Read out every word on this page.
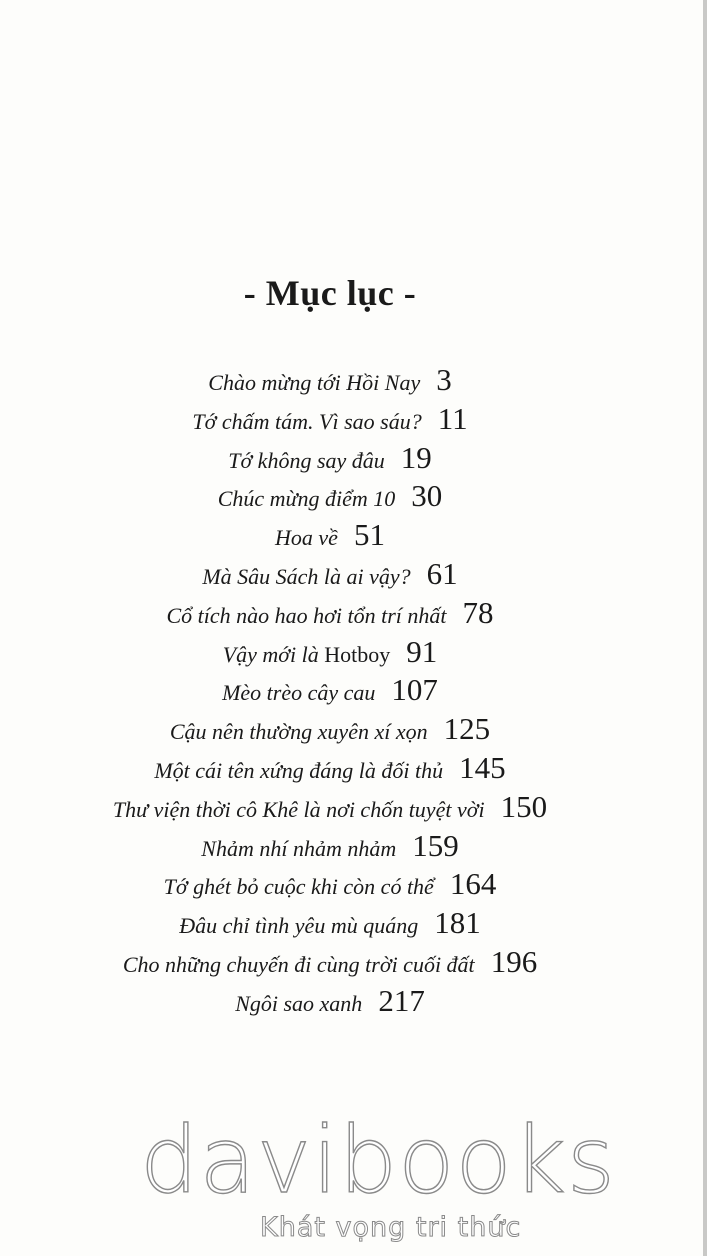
- Mục lục -
Chào mừng tới Hồi Nay 3
Tớ chấm tám. Vì sao sáu? 11
Tớ không say đâu 19
Chúc mừng điểm 10 30
Hoa về 51
Mà Sâu Sách là ai vậy? 61
Cổ tích nào hao hơi tổn trí nhất 78
Vậy mới là Hotboy 91
Mèo trèo cây cau 107
Cậu nên thường xuyên xí xọn 125
Một cái tên xứng đáng là đối thủ 145
Thư viện thời cô Khê là nơi chốn tuyệt vời 150
Nhảm nhí nhảm nhảm 159
Tớ ghét bỏ cuộc khi còn có thể 164
Đâu chỉ tình yêu mù quáng 181
Cho những chuyến đi cùng trời cuối đất 196
Ngôi sao xanh 217
davibooks
Khát vọng tri thức
